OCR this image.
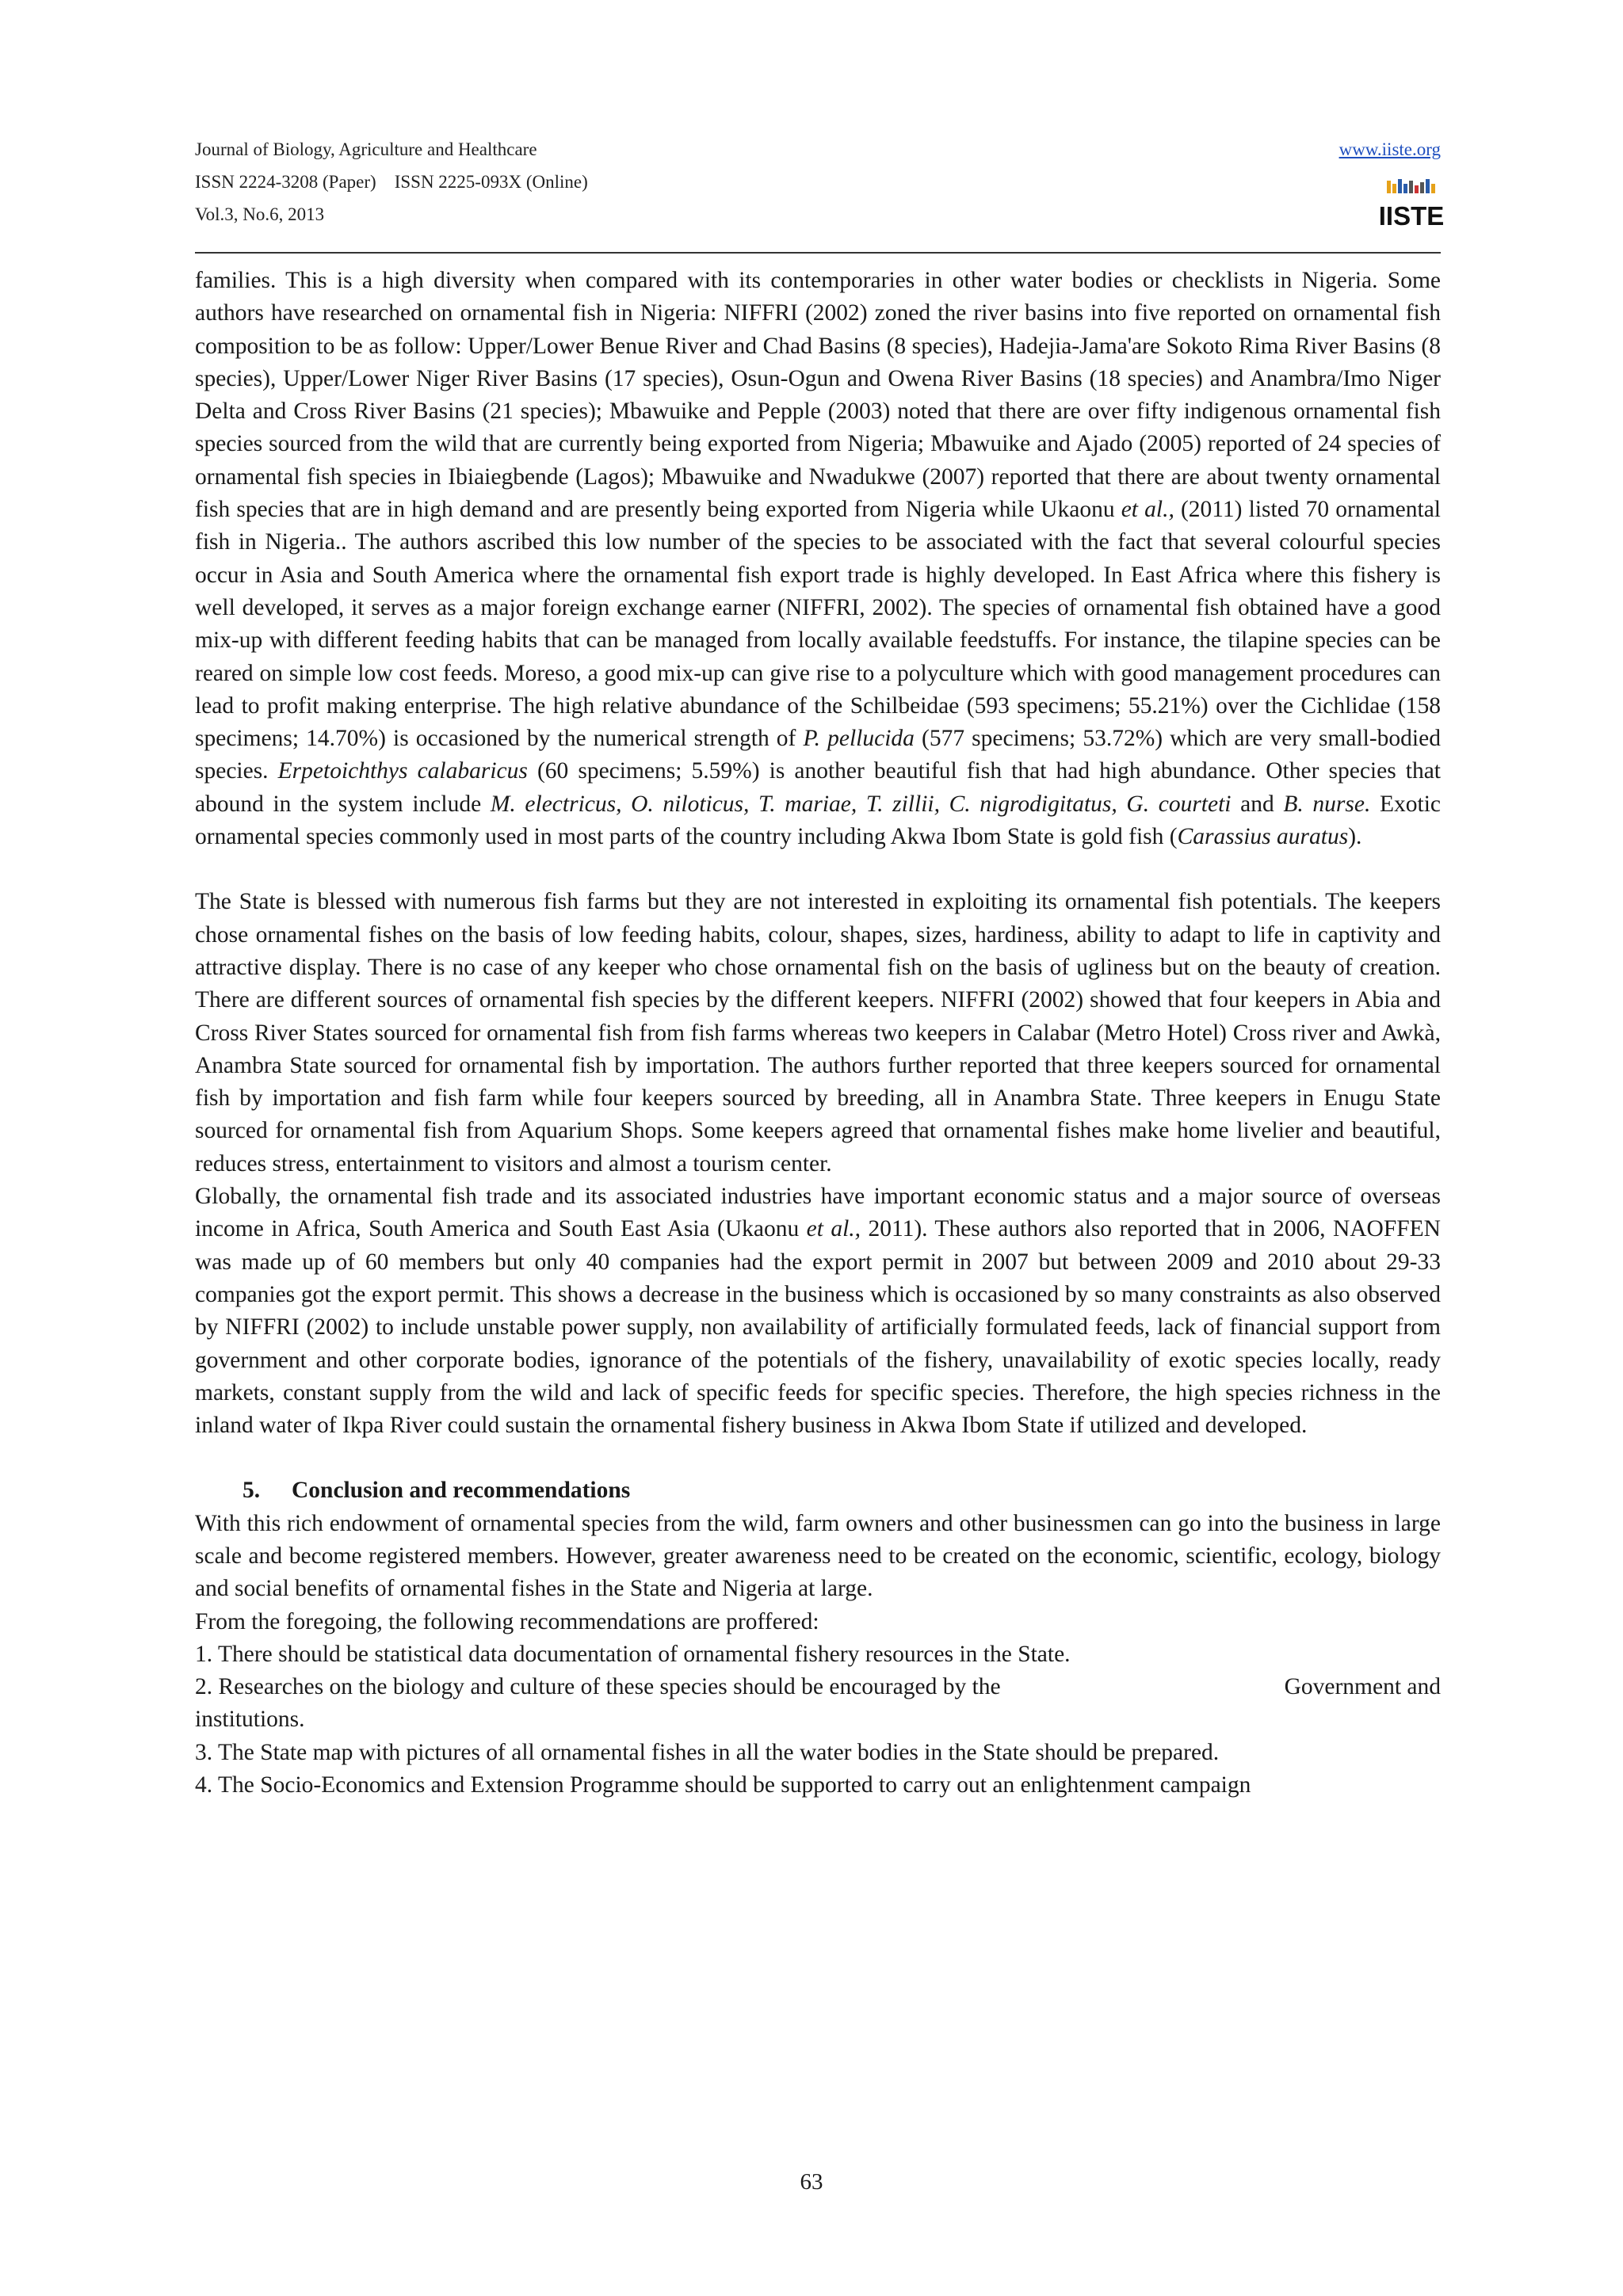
Journal of Biology, Agriculture and Healthcare
ISSN 2224-3208 (Paper)    ISSN 2225-093X (Online)
Vol.3, No.6, 2013
www.iiste.org
IISTE

families. This is a high diversity when compared with its contemporaries in other water bodies or checklists in Nigeria. Some authors have researched on ornamental fish in Nigeria: NIFFRI (2002) zoned the river basins into five reported on ornamental fish composition to be as follow: Upper/Lower Benue River and Chad Basins (8 species), Hadejia-Jama'are Sokoto Rima River Basins (8 species), Upper/Lower Niger River Basins (17 species), Osun-Ogun and Owena River Basins (18 species) and Anambra/Imo Niger Delta and Cross River Basins (21 species); Mbawuike and Pepple (2003) noted that there are over fifty indigenous ornamental fish species sourced from the wild that are currently being exported from Nigeria; Mbawuike and Ajado (2005) reported of 24 species of ornamental fish species in Ibiaiegbende (Lagos); Mbawuike and Nwadukwe (2007) reported that there are about twenty ornamental fish species that are in high demand and are presently being exported from Nigeria while Ukaonu et al., (2011) listed 70 ornamental fish in Nigeria.. The authors ascribed this low number of the species to be associated with the fact that several colourful species occur in Asia and South America where the ornamental fish export trade is highly developed. In East Africa where this fishery is well developed, it serves as a major foreign exchange earner (NIFFRI, 2002). The species of ornamental fish obtained have a good mix-up with different feeding habits that can be managed from locally available feedstuffs. For instance, the tilapine species can be reared on simple low cost feeds. Moreso, a good mix-up can give rise to a polyculture which with good management procedures can lead to profit making enterprise. The high relative abundance of the Schilbeidae (593 specimens; 55.21%) over the Cichlidae (158 specimens; 14.70%) is occasioned by the numerical strength of P. pellucida (577 specimens; 53.72%) which are very small-bodied species. Erpetoichthys calabaricus (60 specimens; 5.59%) is another beautiful fish that had high abundance. Other species that abound in the system include M. electricus, O. niloticus, T. mariae, T. zillii, C. nigrodigitatus, G. courteti and B. nurse. Exotic ornamental species commonly used in most parts of the country including Akwa Ibom State is gold fish (Carassius auratus).

The State is blessed with numerous fish farms but they are not interested in exploiting its ornamental fish potentials. The keepers chose ornamental fishes on the basis of low feeding habits, colour, shapes, sizes, hardiness, ability to adapt to life in captivity and attractive display. There is no case of any keeper who chose ornamental fish on the basis of ugliness but on the beauty of creation. There are different sources of ornamental fish species by the different keepers. NIFFRI (2002) showed that four keepers in Abia and Cross River States sourced for ornamental fish from fish farms whereas two keepers in Calabar (Metro Hotel) Cross river and Awkà, Anambra State sourced for ornamental fish by importation. The authors further reported that three keepers sourced for ornamental fish by importation and fish farm while four keepers sourced by breeding, all in Anambra State. Three keepers in Enugu State sourced for ornamental fish from Aquarium Shops. Some keepers agreed that ornamental fishes make home livelier and beautiful, reduces stress, entertainment to visitors and almost a tourism center.

Globally, the ornamental fish trade and its associated industries have important economic status and a major source of overseas income in Africa, South America and South East Asia (Ukaonu et al., 2011). These authors also reported that in 2006, NAOFFEN was made up of 60 members but only 40 companies had the export permit in 2007 but between 2009 and 2010 about 29-33 companies got the export permit. This shows a decrease in the business which is occasioned by so many constraints as also observed by NIFFRI (2002) to include unstable power supply, non availability of artificially formulated feeds, lack of financial support from government and other corporate bodies, ignorance of the potentials of the fishery, unavailability of exotic species locally, ready markets, constant supply from the wild and lack of specific feeds for specific species. Therefore, the high species richness in the inland water of Ikpa River could sustain the ornamental fishery business in Akwa Ibom State if utilized and developed.

5. Conclusion and recommendations

With this rich endowment of ornamental species from the wild, farm owners and other businessmen can go into the business in large scale and become registered members. However, greater awareness need to be created on the economic, scientific, ecology, biology and social benefits of ornamental fishes in the State and Nigeria at large.

From the foregoing, the following recommendations are proffered:

1. There should be statistical data documentation of ornamental fishery resources in the State.

2. Researches on the biology and culture of these species should be encouraged by the	Government and

institutions.

3. The State map with pictures of all ornamental fishes in all the water bodies in the State should be prepared.

4. The Socio-Economics and Extension Programme should be supported to carry out an enlightenment campaign

63
